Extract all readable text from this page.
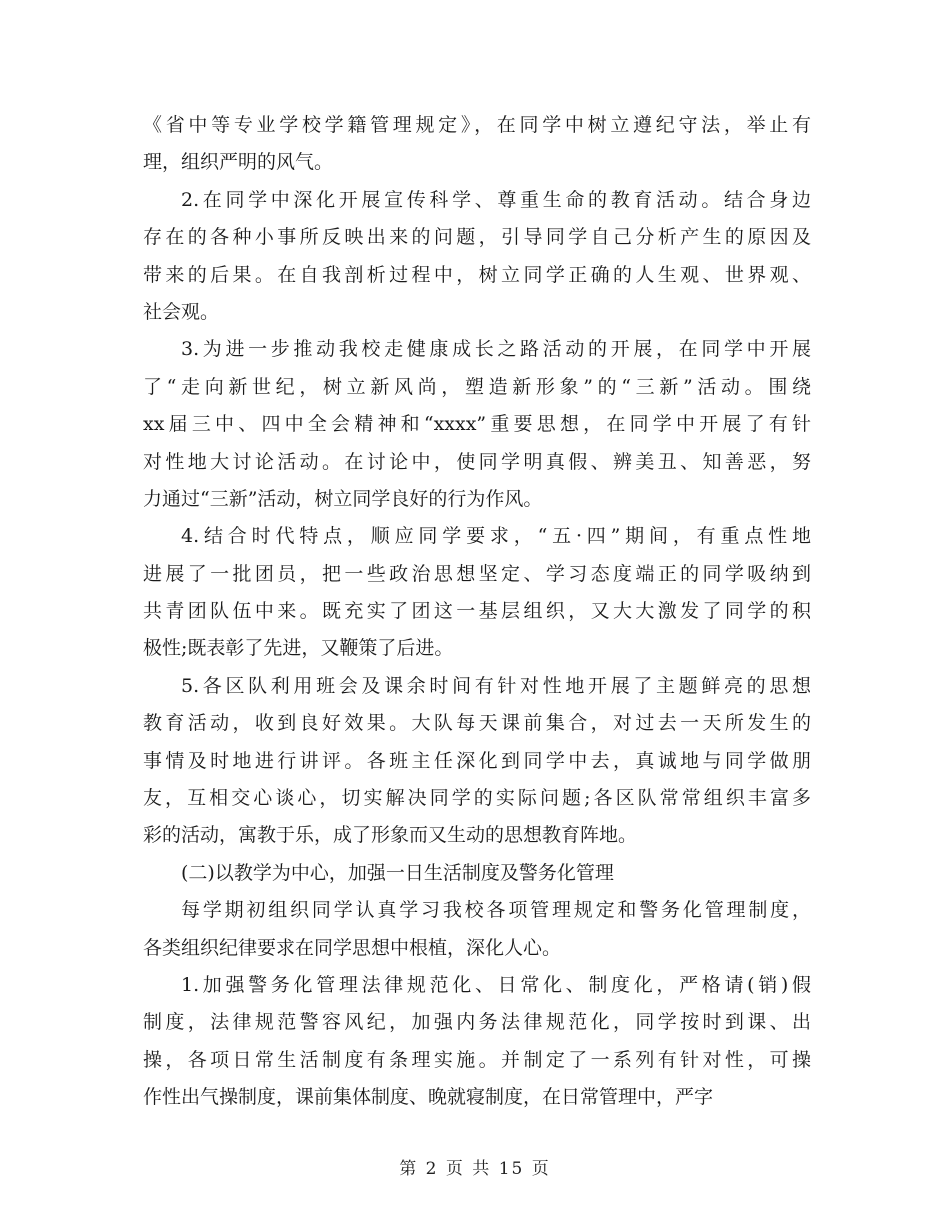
《省中等专业学校学籍管理规定》，在同学中树立遵纪守法，举止有
理，组织严明的风气。
2.在同学中深化开展宣传科学、尊重生命的教育活动。结合身边
存在的各种小事所反映出来的问题，引导同学自己分析产生的原因及
带来的后果。在自我剖析过程中，树立同学正确的人生观、世界观、
社会观。
3.为进一步推动我校走健康成长之路活动的开展，在同学中开展
了“走向新世纪，树立新风尚，塑造新形象”的“三新”活动。围绕
xx届三中、四中全会精神和“xxxx”重要思想，在同学中开展了有针
对性地大讨论活动。在讨论中，使同学明真假、辨美丑、知善恶，努
力通过“三新”活动，树立同学良好的行为作风。
4.结合时代特点，顺应同学要求，“五·四”期间，有重点性地
进展了一批团员，把一些政治思想坚定、学习态度端正的同学吸纳到
共青团队伍中来。既充实了团这一基层组织，又大大激发了同学的积
极性;既表彰了先进，又鞭策了后进。
5.各区队利用班会及课余时间有针对性地开展了主题鲜亮的思想
教育活动，收到良好效果。大队每天课前集合，对过去一天所发生的
事情及时地进行讲评。各班主任深化到同学中去，真诚地与同学做朋
友，互相交心谈心，切实解决同学的实际问题;各区队常常组织丰富多
彩的活动，寓教于乐，成了形象而又生动的思想教育阵地。
(二)以教学为中心，加强一日生活制度及警务化管理
每学期初组织同学认真学习我校各项管理规定和警务化管理制度，
各类组织纪律要求在同学思想中根植，深化人心。
1.加强警务化管理法律规范化、日常化、制度化，严格请(销)假
制度，法律规范警容风纪，加强内务法律规范化，同学按时到课、出
操，各项日常生活制度有条理实施。并制定了一系列有针对性，可操
作性出气操制度，课前集体制度、晚就寝制度，在日常管理中，严字
第 2 页 共 15 页
